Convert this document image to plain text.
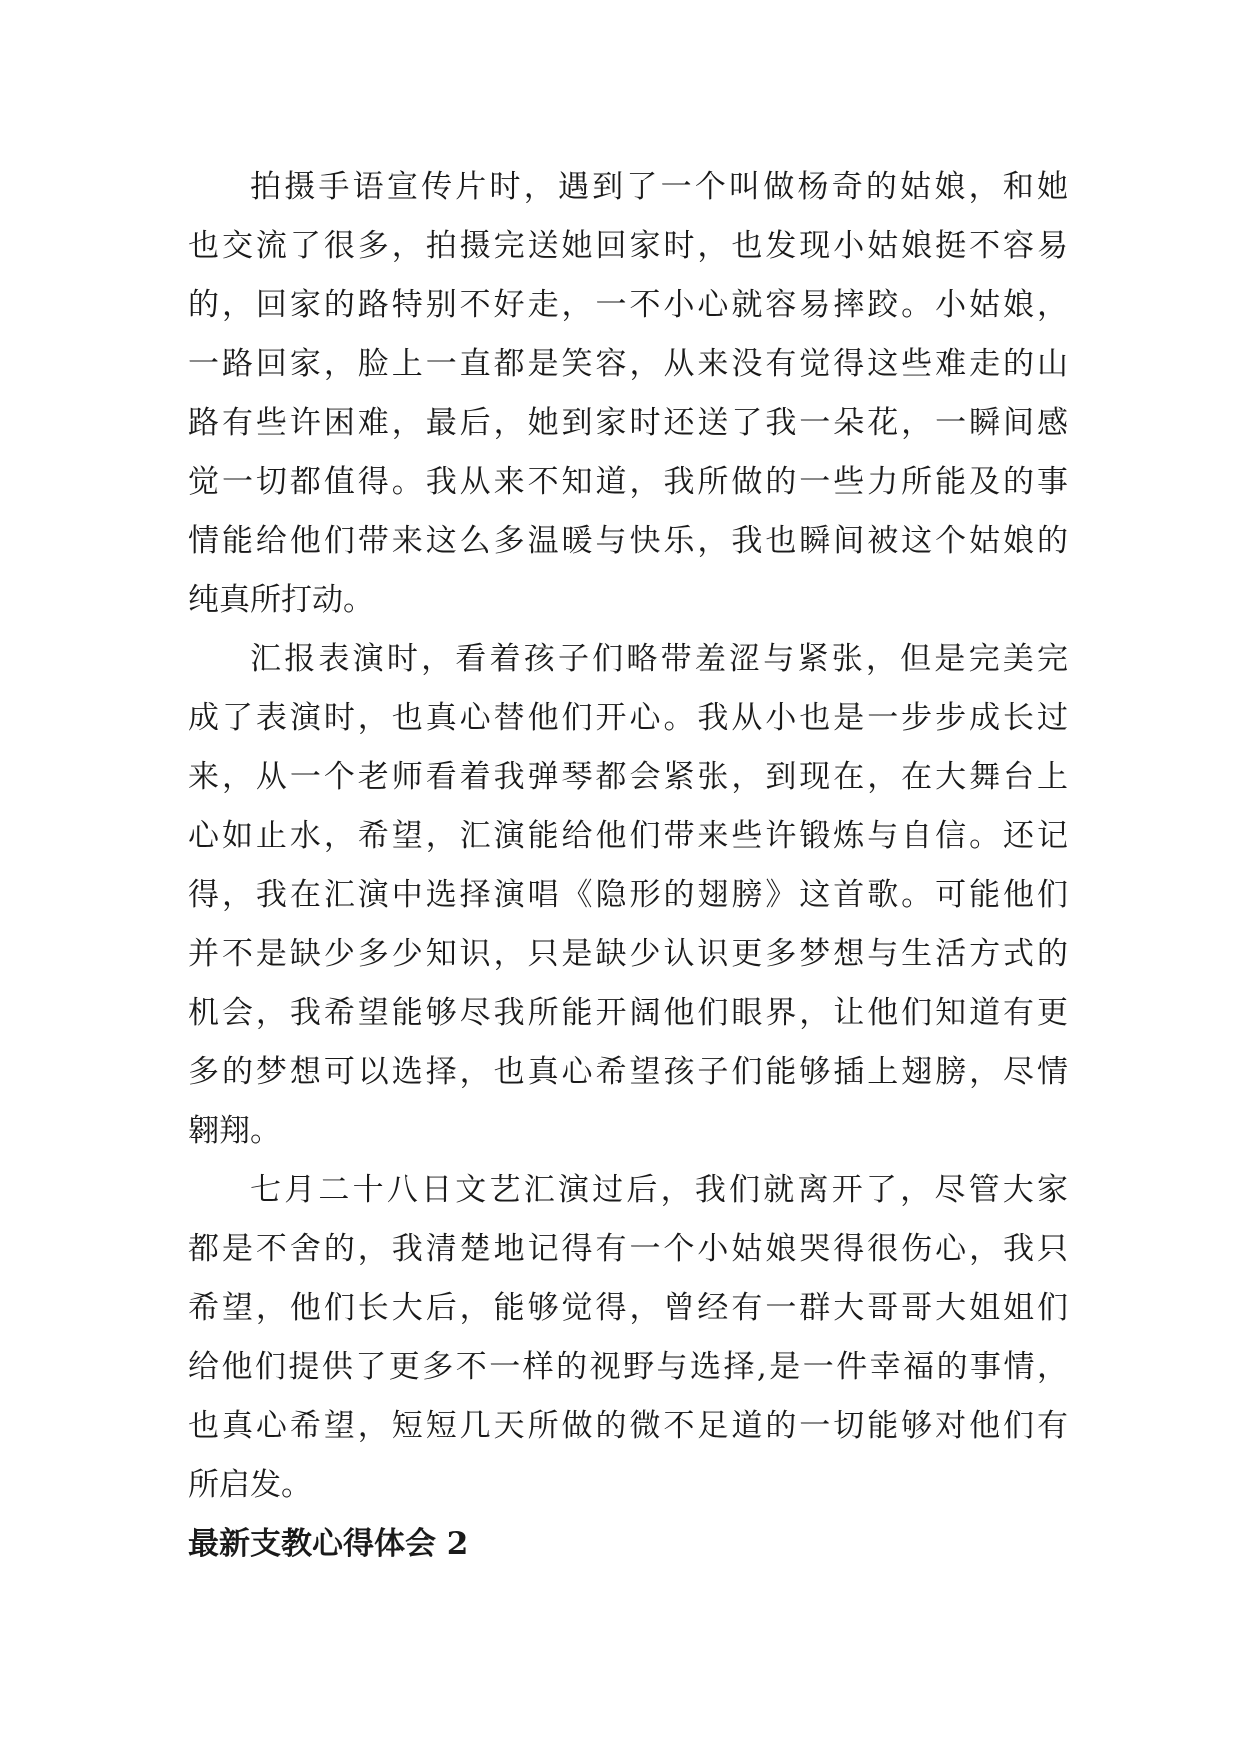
拍摄手语宣传片时，遇到了一个叫做杨奇的姑娘，和她
也交流了很多，拍摄完送她回家时，也发现小姑娘挺不容易
的，回家的路特别不好走，一不小心就容易摔跤。小姑娘，
一路回家，脸上一直都是笑容，从来没有觉得这些难走的山
路有些许困难，最后，她到家时还送了我一朵花，一瞬间感
觉一切都值得。我从来不知道，我所做的一些力所能及的事
情能给他们带来这么多温暖与快乐，我也瞬间被这个姑娘的
纯真所打动。
汇报表演时，看着孩子们略带羞涩与紧张，但是完美完
成了表演时，也真心替他们开心。我从小也是一步步成长过
来，从一个老师看着我弹琴都会紧张，到现在，在大舞台上
心如止水，希望，汇演能给他们带来些许锻炼与自信。还记
得，我在汇演中选择演唱《隐形的翅膀》这首歌。可能他们
并不是缺少多少知识，只是缺少认识更多梦想与生活方式的
机会，我希望能够尽我所能开阔他们眼界，让他们知道有更
多的梦想可以选择，也真心希望孩子们能够插上翅膀，尽情
翱翔。
七月二十八日文艺汇演过后，我们就离开了，尽管大家
都是不舍的，我清楚地记得有一个小姑娘哭得很伤心，我只
希望，他们长大后，能够觉得，曾经有一群大哥哥大姐姐们
给他们提供了更多不一样的视野与选择,是一件幸福的事情，
也真心希望，短短几天所做的微不足道的一切能够对他们有
所启发。
最新支教心得体会 2
